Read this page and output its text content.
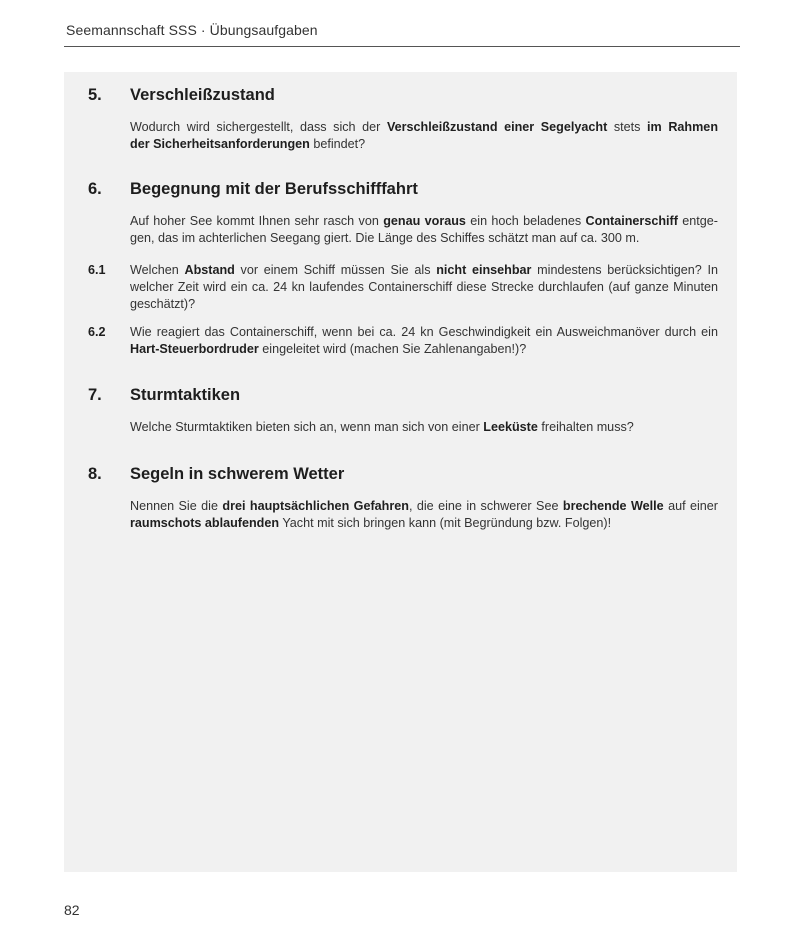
Seemannschaft SSS · Übungsaufgaben
5.	Verschleißzustand
Wodurch wird sichergestellt, dass sich der Verschleißzustand einer Segelyacht stets im Rahmen
der Sicherheitsanforderungen befindet?
6.	Begegnung mit der Berufsschifffahrt
Auf hoher See kommt Ihnen sehr rasch von genau voraus ein hoch beladenes Containerschiff entge-
gen, das im achterlichen Seegang giert. Die Länge des Schiffes schätzt man auf ca. 300 m.
6.1 Welchen Abstand vor einem Schiff müssen Sie als nicht einsehbar mindestens berücksichtigen? In
welcher Zeit wird ein ca. 24 kn laufendes Containerschiff diese Strecke durchlaufen (auf ganze Minuten
geschätzt)?
6.2 Wie reagiert das Containerschiff, wenn bei ca. 24 kn Geschwindigkeit ein Ausweichmanöver durch ein
Hart-Steuerbordruder eingeleitet wird (machen Sie Zahlenangaben!)?
7.	Sturmtaktiken
Welche Sturmtaktiken bieten sich an, wenn man sich von einer Leeküste freihalten muss?
8.	Segeln in schwerem Wetter
Nennen Sie die drei hauptsächlichen Gefahren, die eine in schwerer See brechende Welle auf einer
raumschots ablaufenden Yacht mit sich bringen kann (mit Begründung bzw. Folgen)!
82
